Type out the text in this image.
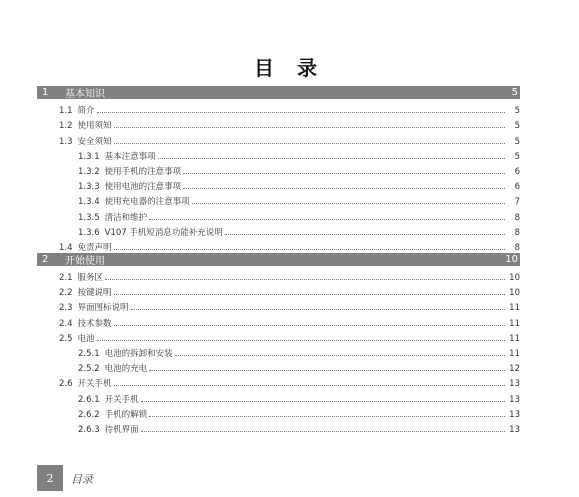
目 录
1	基本知识	5
1.1 简介	5
1.2 使用须知	5
1.3 安全须知	5
1.3.1 基本注意事项	5
1.3.2 使用手机的注意事项	6
1.3.3 使用电池的注意事项	6
1.3.4 使用充电器的注意事项	7
1.3.5 清洁和维护	8
1.3.6 V107 手机短消息功能补充说明	8
1.4 免责声明	8
2	开始使用	10
2.1 服务区	10
2.2 按键说明	10
2.3 界面图标说明	11
2.4 技术参数	11
2.5 电池	11
2.5.1 电池的拆卸和安装	11
2.5.2 电池的充电	12
2.6 开关手机	13
2.6.1 开关手机	13
2.6.2 手机的解锁	13
2.6.3 待机界面	13
2	目录
